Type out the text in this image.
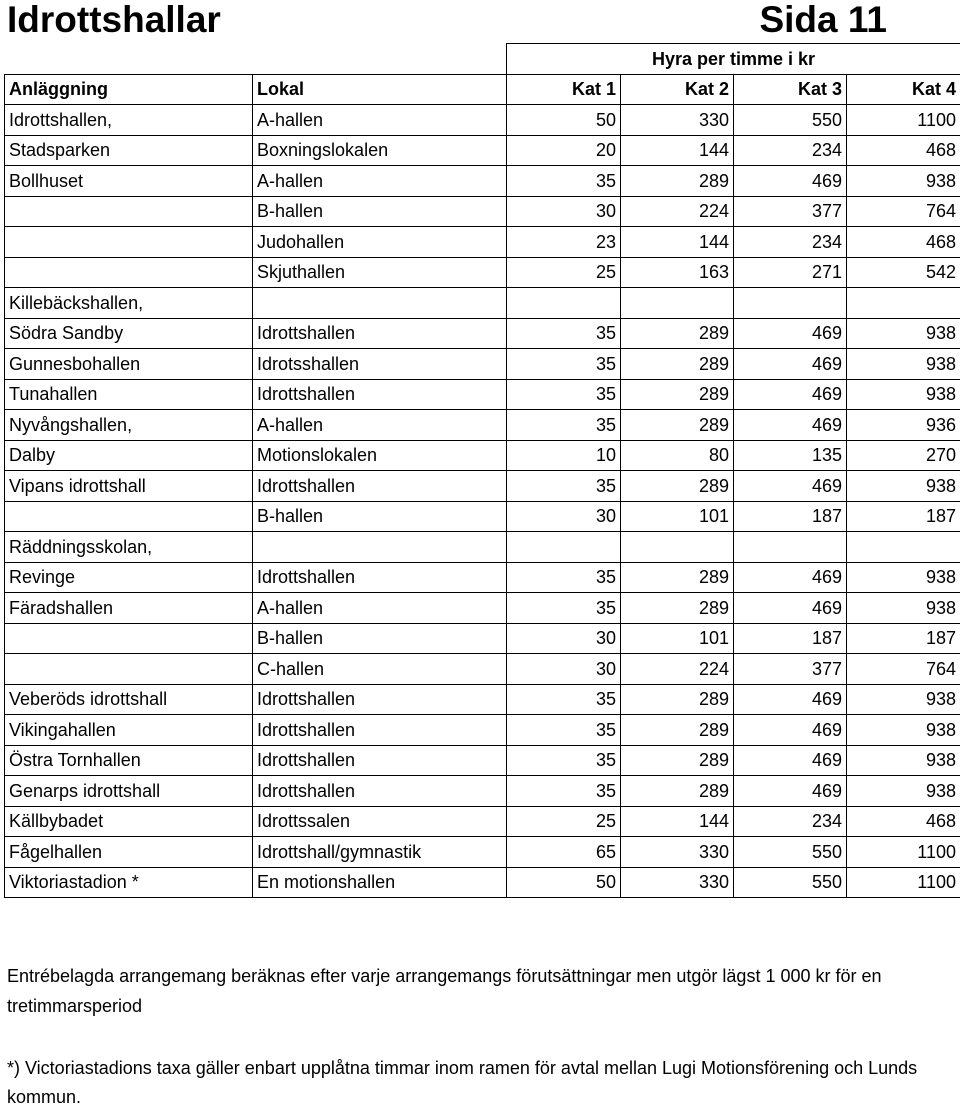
Idrottshallar	Sida 11
		Hyra per timme i kr			
Anläggning	Lokal	Kat 1	Kat 2	Kat 3	Kat 4
Idrottshallen,	A-hallen	50	330	550	1100
Stadsparken	Boxningslokalen	20	144	234	468
Bollhuset	A-hallen	35	289	469	938
	B-hallen	30	224	377	764
	Judohallen	23	144	234	468
	Skjuthallen	25	163	271	542
Killebäckshallen,					
Södra Sandby	Idrottshallen	35	289	469	938
Gunnesbohallen	Idrotsshallen	35	289	469	938
Tunahallen	Idrottshallen	35	289	469	938
Nyvångshallen,	A-hallen	35	289	469	936
Dalby	Motionslokalen	10	80	135	270
Vipans idrottshall	Idrottshallen	35	289	469	938
	B-hallen	30	101	187	187
Räddningsskolan,					
Revinge	Idrottshallen	35	289	469	938
Färadshallen	A-hallen	35	289	469	938
	B-hallen	30	101	187	187
	C-hallen	30	224	377	764
Veberöds idrottshall	Idrottshallen	35	289	469	938
Vikingahallen	Idrottshallen	35	289	469	938
Östra Tornhallen	Idrottshallen	35	289	469	938
Genarps idrottshall	Idrottshallen	35	289	469	938
Källbybadet	Idrottssalen	25	144	234	468
Fågelhallen	Idrottshall/gymnastik	65	330	550	1100
Viktoriastadion *	En motionshallen	50	330	550	1100
Entrébelagda arrangemang beräknas efter varje arrangemangs förutsättningar men utgör lägst 1 000 kr för en tretimmarsperiod
*) Victoriastadions taxa gäller enbart upplåtna timmar inom ramen för avtal mellan Lugi Motionsförening och Lunds kommun.
